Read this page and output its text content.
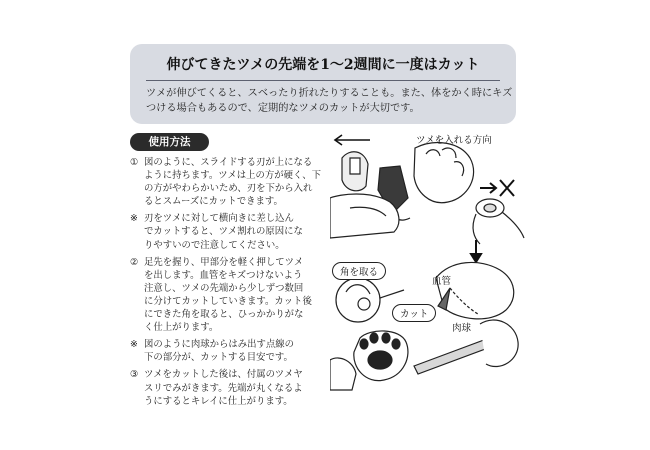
伸びてきたツメの先端を1〜2週間に一度はカット
ツメが伸びてくると、スベったり折れたりすることも。また、体をかく時にキズ
つける場合もあるので、定期的なツメのカットが大切です。
使用方法
① 図のように、スライドする刃が上になる
ように持ちます。ツメは上の方が硬く、下
の方がやわらかいため、刃を下から入れ
るとスムーズにカットできます。
※ 刃をツメに対して横向きに差し込ん
でカットすると、ツメ割れの原因にな
りやすいので注意してください。
② 足先を握り、甲部分を軽く押してツメ
を出します。血管をキズつけないよう
注意し、ツメの先端から少しずつ数回
に分けてカットしていきます。カット後
にできた角を取ると、ひっかかりがな
く仕上がります。
※ 図のように肉球からはみ出す点線の
下の部分が、カットする目安です。
③ ツメをカットした後は、付属のツメヤ
スリでみがきます。先端が丸くなるよ
うにするとキレイに仕上がります。
ツメを入れる方向
角を取る
血管
カット
肉球
